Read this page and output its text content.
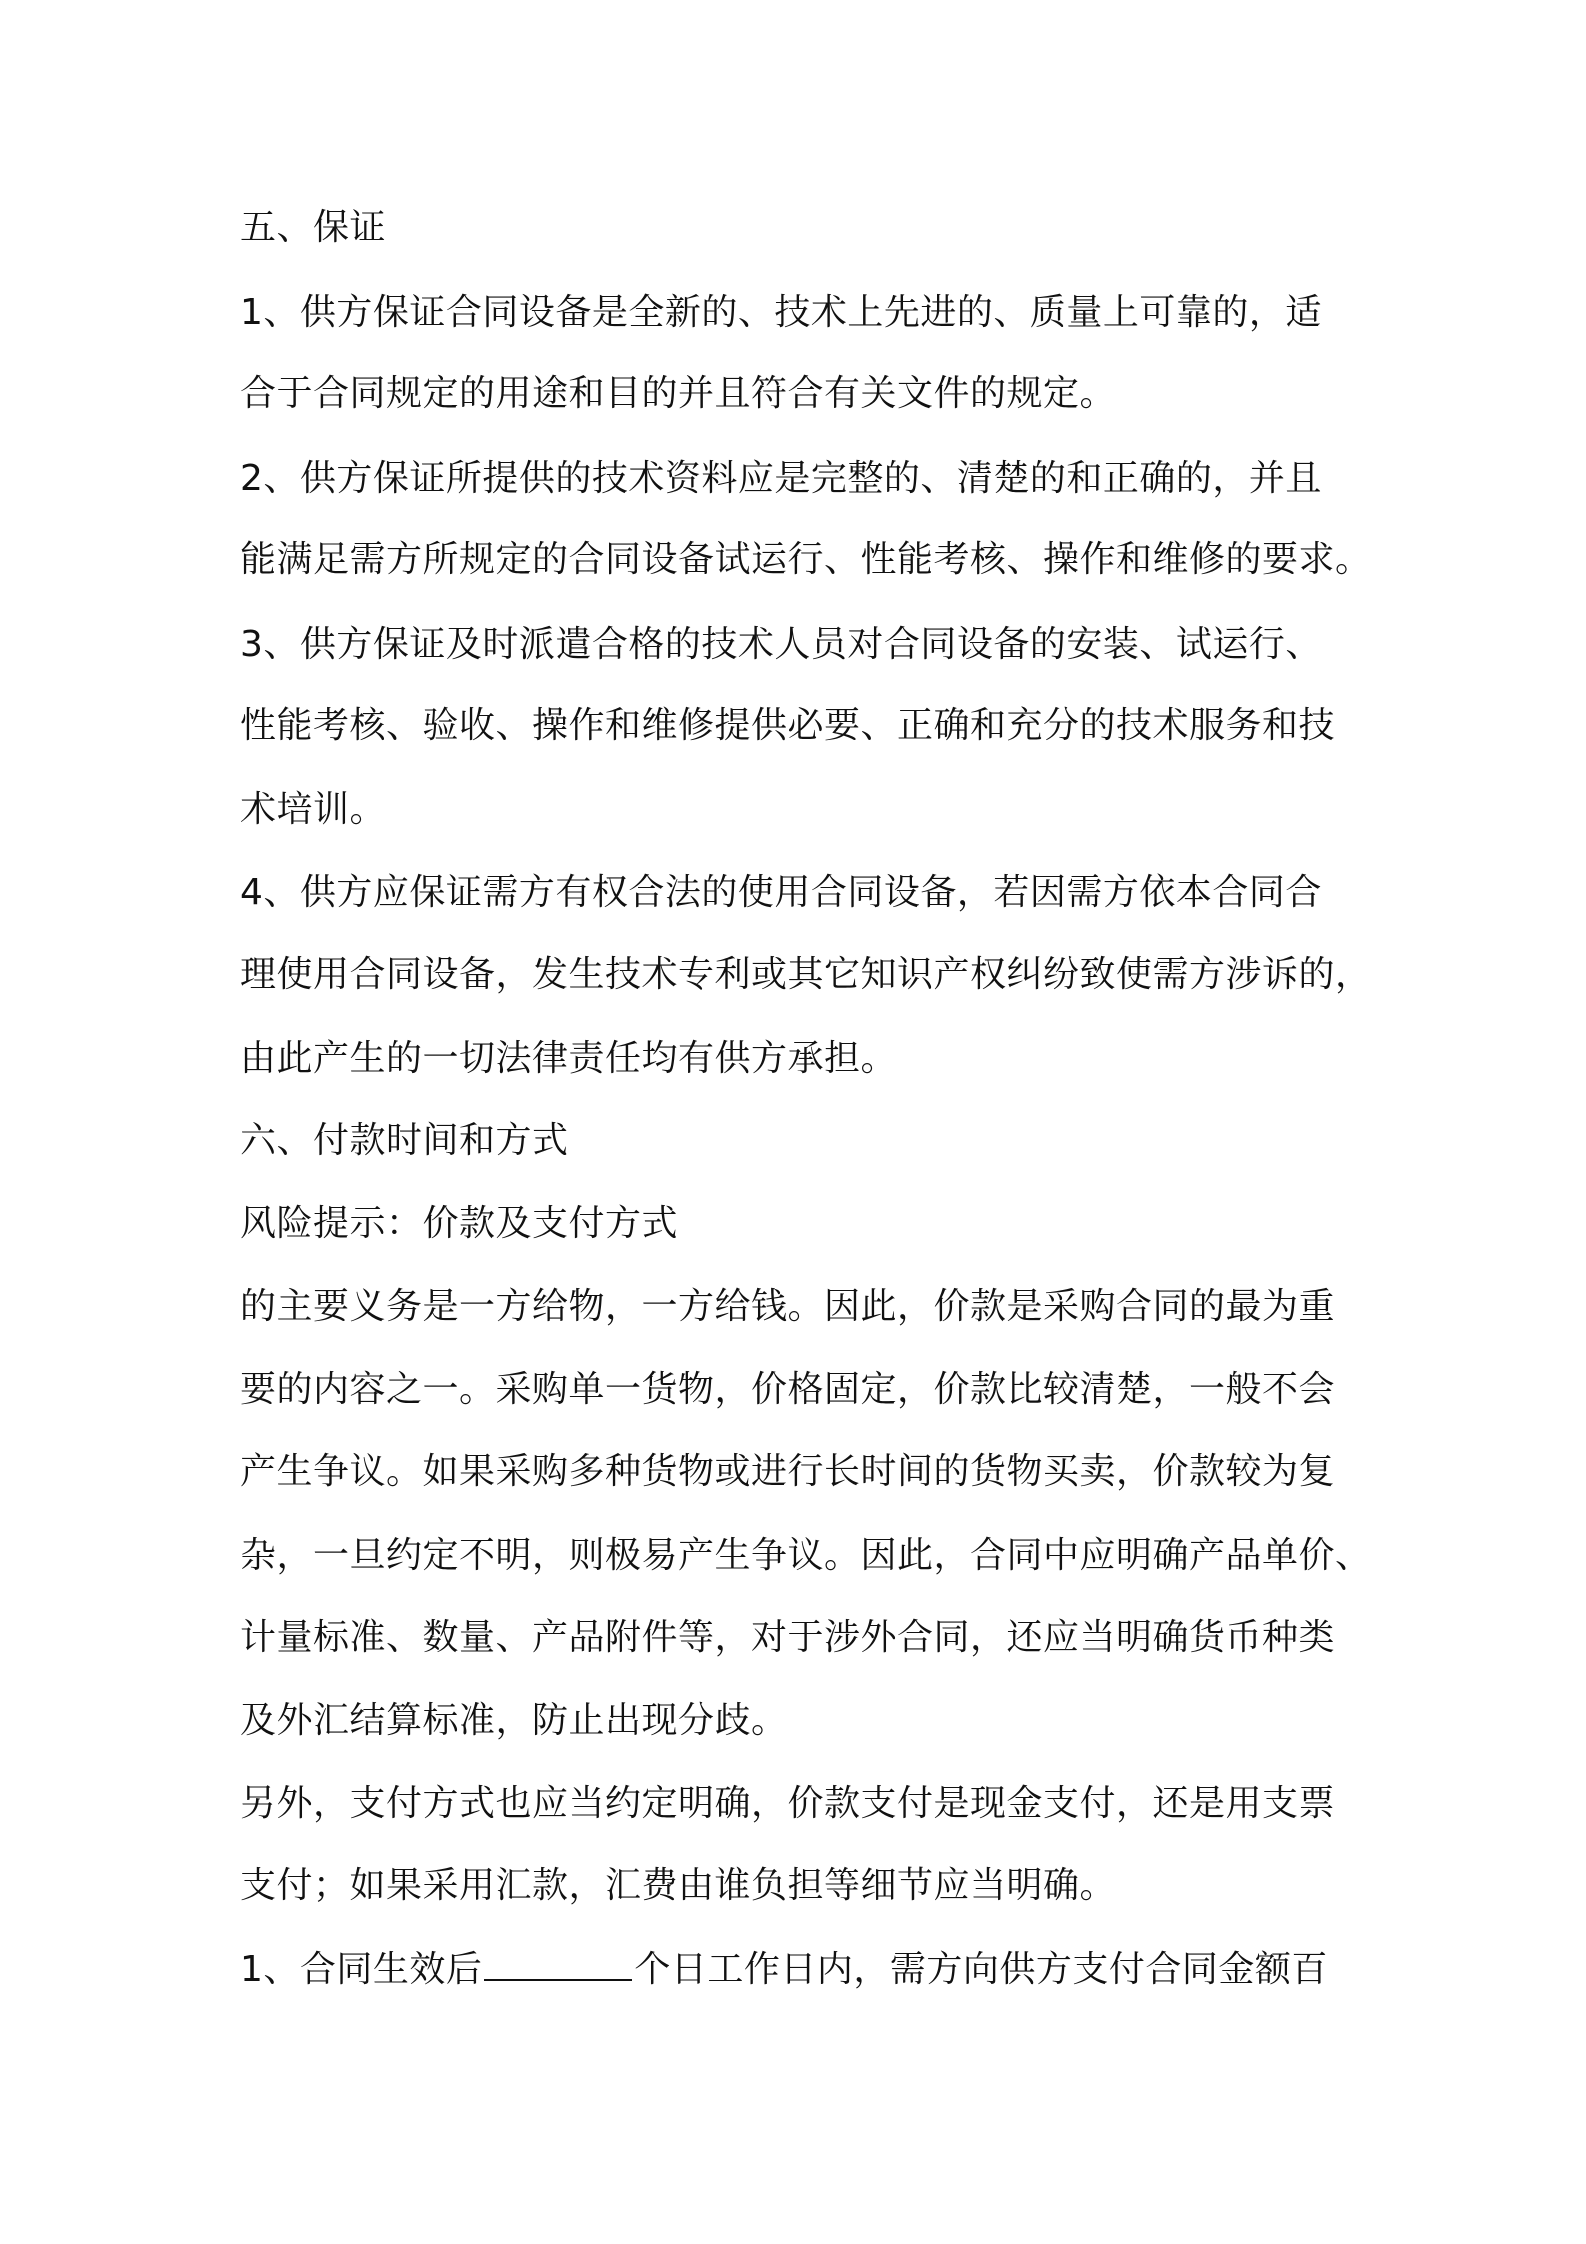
五、保证

1、供方保证合同设备是全新的、技术上先进的、质量上可靠的，适

合于合同规定的用途和目的并且符合有关文件的规定。

2、供方保证所提供的技术资料应是完整的、清楚的和正确的，并且

能满足需方所规定的合同设备试运行、性能考核、操作和维修的要求。

3、供方保证及时派遣合格的技术人员对合同设备的安装、试运行、

性能考核、验收、操作和维修提供必要、正确和充分的技术服务和技

术培训。

4、供方应保证需方有权合法的使用合同设备，若因需方依本合同合

理使用合同设备，发生技术专利或其它知识产权纠纷致使需方涉诉的，

由此产生的一切法律责任均有供方承担。

六、付款时间和方式

风险提示：价款及支付方式

的主要义务是一方给物，一方给钱。因此，价款是采购合同的最为重

要的内容之一。采购单一货物，价格固定，价款比较清楚，一般不会

产生争议。如果采购多种货物或进行长时间的货物买卖，价款较为复

杂，一旦约定不明，则极易产生争议。因此，合同中应明确产品单价、

计量标准、数量、产品附件等，对于涉外合同，还应当明确货币种类

及外汇结算标准，防止出现分歧。

另外，支付方式也应当约定明确，价款支付是现金支付，还是用支票

支付；如果采用汇款，汇费由谁负担等细节应当明确。

1、合同生效后	个日工作日内，需方向供方支付合同金额百
